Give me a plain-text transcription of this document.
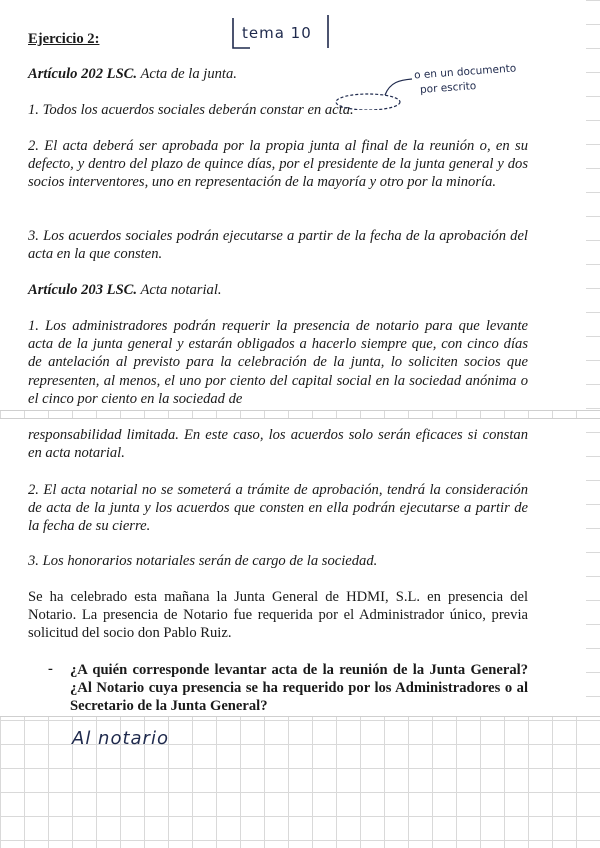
Ejercicio 2:

Artículo 202 LSC. Acta de la junta.

1. Todos los acuerdos sociales deberán constar en acta.

2. El acta deberá ser aprobada por la propia junta al final de la reunión o, en su defecto, y dentro del plazo de quince días, por el presidente de la junta general y dos socios interventores, uno en representación de la mayoría y otro por la minoría.

3. Los acuerdos sociales podrán ejecutarse a partir de la fecha de la aprobación del acta en la que consten.

Artículo 203 LSC. Acta notarial.

1. Los administradores podrán requerir la presencia de notario para que levante acta de la junta general y estarán obligados a hacerlo siempre que, con cinco días de antelación al previsto para la celebración de la junta, lo soliciten socios que representen, al menos, el uno por ciento del capital social en la sociedad anónima o el cinco por ciento en la sociedad de

responsabilidad limitada. En este caso, los acuerdos solo serán eficaces si constan en acta notarial.

2. El acta notarial no se someterá a trámite de aprobación, tendrá la consideración de acta de la junta y los acuerdos que consten en ella podrán ejecutarse a partir de la fecha de su cierre.

3. Los honorarios notariales serán de cargo de la sociedad.

Se ha celebrado esta mañana la Junta General de HDMI, S.L. en presencia del Notario. La presencia de Notario fue requerida por el Administrador único, previa solicitud del socio don Pablo Ruiz.

- ¿A quién corresponde levantar acta de la reunión de la Junta General? ¿Al Notario cuya presencia se ha requerido por los Administradores o al Secretario de la Junta General?

tema 10
o en un documento
por escrito
Al notario
